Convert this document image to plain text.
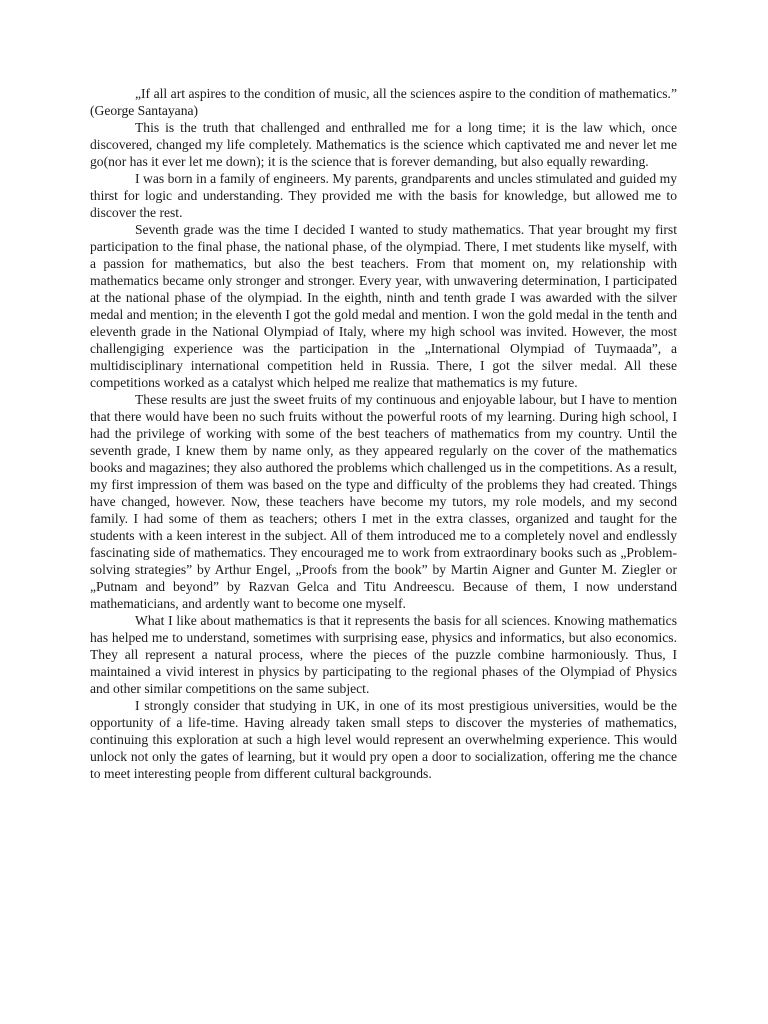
„If all art aspires to the condition of music, all the sciences aspire to the condition of mathematics.” (George Santayana)

This is the truth that challenged and enthralled me for a long time; it is the law which, once discovered, changed my life completely. Mathematics is the science which captivated me and never let me go(nor has it ever let me down); it is the science that is forever demanding, but also equally rewarding.

I was born in a family of engineers. My parents, grandparents and uncles stimulated and guided my thirst for logic and understanding. They provided me with the basis for knowledge, but allowed me to discover the rest.

Seventh grade was the time I decided I wanted to study mathematics. That year brought my first participation to the final phase, the national phase, of the olympiad. There, I met students like myself, with a passion for mathematics, but also the best teachers. From that moment on, my relationship with mathematics became only stronger and stronger. Every year, with unwavering determination, I participated at the national phase of the olympiad. In the eighth, ninth and tenth grade I was awarded with the silver medal and mention; in the eleventh I got the gold medal and mention. I won the gold medal in the tenth and eleventh grade in the National Olympiad of Italy, where my high school was invited. However, the most challengiging experience was the participation in the „International Olympiad of Tuymaada”, a multidisciplinary international competition held in Russia. There, I got the silver medal. All these competitions worked as a catalyst which helped me realize that mathematics is my future.

These results are just the sweet fruits of my continuous and enjoyable labour, but I have to mention that there would have been no such fruits without the powerful roots of my learning. During high school, I had the privilege of working with some of the best teachers of mathematics from my country. Until the seventh grade, I knew them by name only, as they appeared regularly on the cover of the mathematics books and magazines; they also authored the problems which challenged us in the competitions. As a result, my first impression of them was based on the type and difficulty of the problems they had created. Things have changed, however. Now, these teachers have become my tutors, my role models, and my second family. I had some of them as teachers; others I met in the extra classes, organized and taught for the students with a keen interest in the subject. All of them introduced me to a completely novel and endlessly fascinating side of mathematics. They encouraged me to work from extraordinary books such as „Problem-solving strategies” by Arthur Engel, „Proofs from the book” by Martin Aigner and Gunter M. Ziegler or „Putnam and beyond” by Razvan Gelca and Titu Andreescu. Because of them, I now understand mathematicians, and ardently want to become one myself.

What I like about mathematics is that it represents the basis for all sciences. Knowing mathematics has helped me to understand, sometimes with surprising ease, physics and informatics, but also economics. They all represent a natural process, where the pieces of the puzzle combine harmoniously. Thus, I maintained a vivid interest in physics by participating to the regional phases of the Olympiad of Physics and other similar competitions on the same subject.

I strongly consider that studying in UK, in one of its most prestigious universities, would be the opportunity of a life-time. Having already taken small steps to discover the mysteries of mathematics, continuing this exploration at such a high level would represent an overwhelming experience. This would unlock not only the gates of learning, but it would pry open a door to socialization, offering me the chance to meet interesting people from different cultural backgrounds.
